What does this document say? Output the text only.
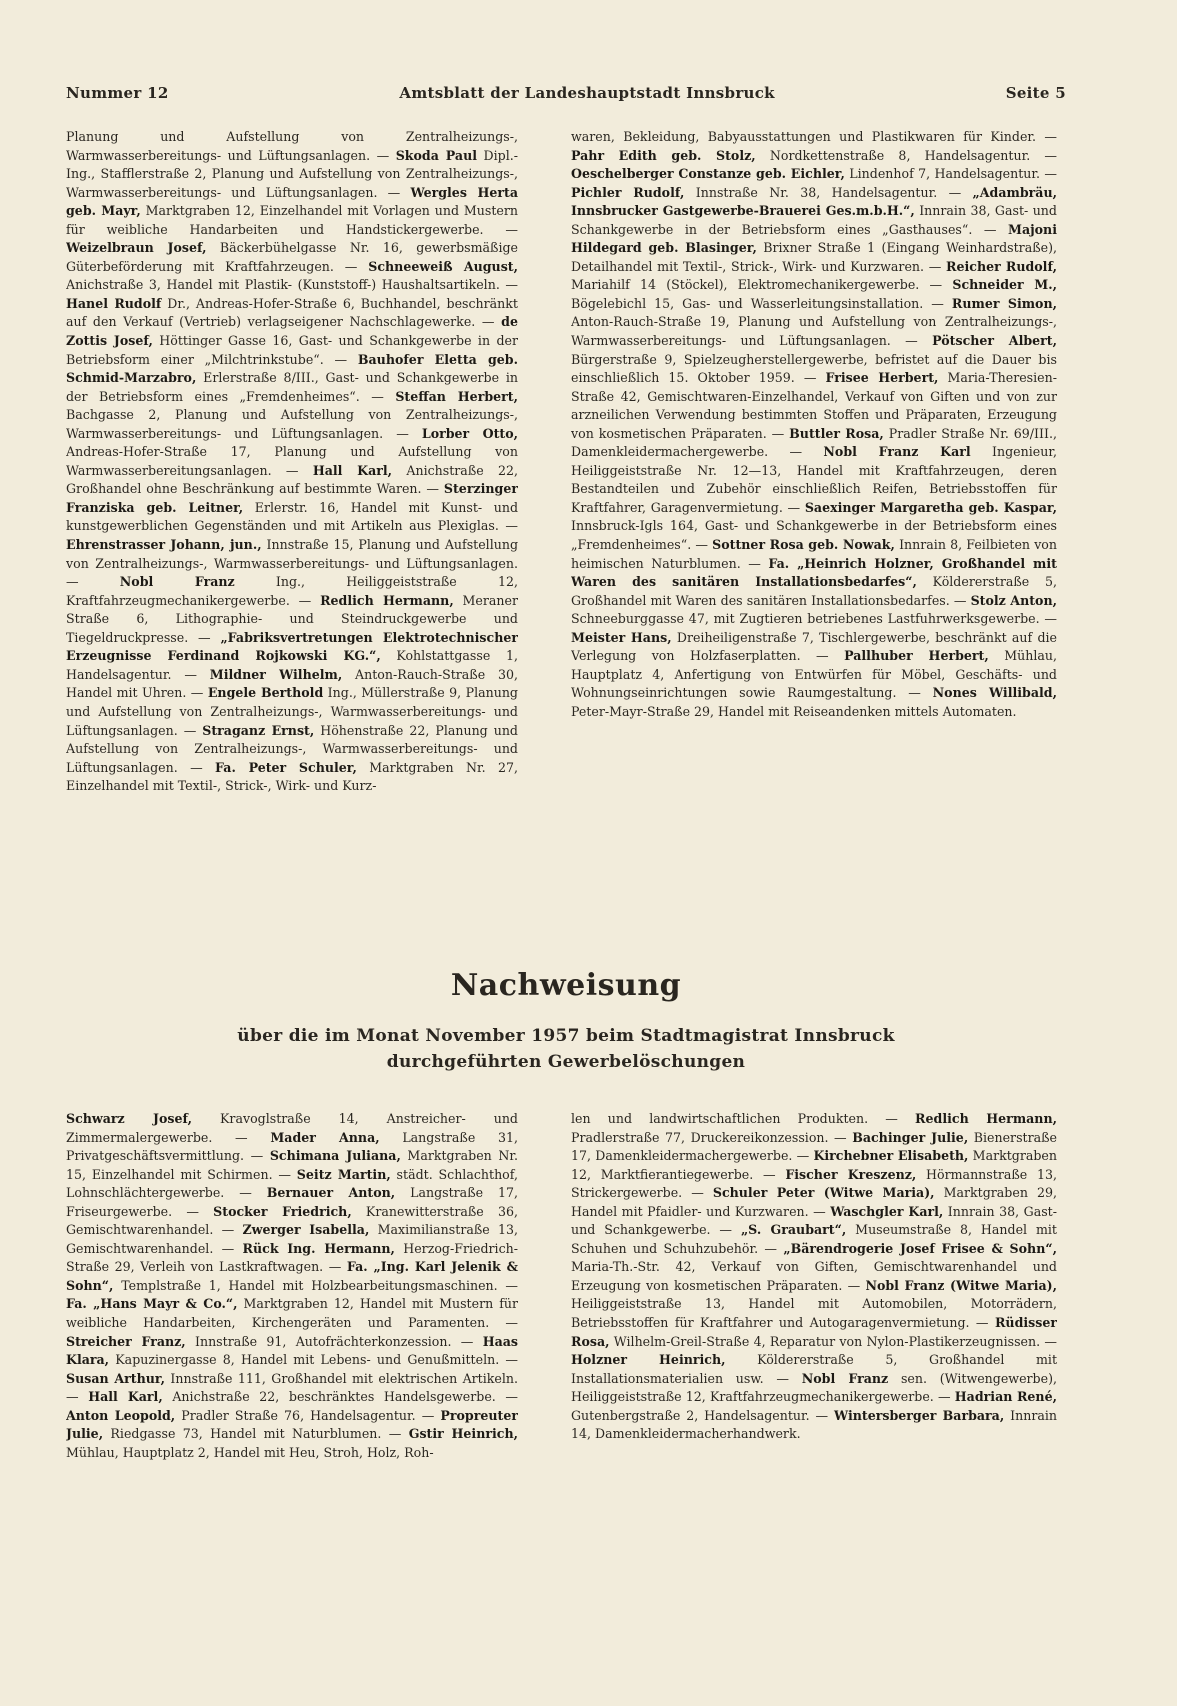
Nummer 12	Amtsblatt der Landeshauptstadt Innsbruck	Seite 5

Planung und Aufstellung von Zentralheizungs-, Warmwasserbereitungs- und Lüftungsanlagen. — Skoda Paul Dipl.-Ing., Stafflerstraße 2, Planung und Aufstellung von Zentralheizungs-, Warmwasserbereitungs- und Lüftungsanlagen. — Wergles Herta geb. Mayr, Marktgraben 12, Einzelhandel mit Vorlagen und Mustern für weibliche Handarbeiten und Handstickergewerbe. — Weizelbraun Josef, Bäckerbühelgasse Nr. 16, gewerbsmäßige Güterbeförderung mit Kraftfahrzeugen. — Schneeweiß August, Anichstraße 3, Handel mit Plastik- (Kunststoff-) Haushaltsartikeln. — Hanel Rudolf Dr., Andreas-Hofer-Straße 6, Buchhandel, beschränkt auf den Verkauf (Vertrieb) verlagseigener Nachschlagewerke. — de Zottis Josef, Höttinger Gasse 16, Gast- und Schankgewerbe in der Betriebsform einer „Milchtrinkstube“. — Bauhofer Eletta geb. Schmid-Marzabro, Erlerstraße 8/III., Gast- und Schankgewerbe in der Betriebsform eines „Fremdenheimes“. — Steffan Herbert, Bachgasse 2, Planung und Aufstellung von Zentralheizungs-, Warmwasserbereitungs- und Lüftungsanlagen. — Lorber Otto, Andreas-Hofer-Straße 17, Planung und Aufstellung von Warmwasserbereitungsanlagen. — Hall Karl, Anichstraße 22, Großhandel ohne Beschränkung auf bestimmte Waren. — Sterzinger Franziska geb. Leitner, Erlerstr. 16, Handel mit Kunst- und kunstgewerblichen Gegenständen und mit Artikeln aus Plexiglas. — Ehrenstrasser Johann, jun., Innstraße 15, Planung und Aufstellung von Zentralheizungs-, Warmwasserbereitungs- und Lüftungsanlagen. — Nobl Franz Ing., Heiliggeiststraße 12, Kraftfahrzeugmechanikergewerbe. — Redlich Hermann, Meraner Straße 6, Lithographie- und Steindruckgewerbe und Tiegeldruckpresse. — „Fabriksvertretungen Elektrotechnischer Erzeugnisse Ferdinand Rojkowski KG.“, Kohlstattgasse 1, Handelsagentur. — Mildner Wilhelm, Anton-Rauch-Straße 30, Handel mit Uhren. — Engele Berthold Ing., Müllerstraße 9, Planung und Aufstellung von Zentralheizungs-, Warmwasserbereitungs- und Lüftungsanlagen. — Straganz Ernst, Höhenstraße 22, Planung und Aufstellung von Zentralheizungs-, Warmwasserbereitungs- und Lüftungsanlagen. — Fa. Peter Schuler, Marktgraben Nr. 27, Einzelhandel mit Textil-, Strick-, Wirk- und Kurz-

waren, Bekleidung, Babyausstattungen und Plastikwaren für Kinder. — Pahr Edith geb. Stolz, Nordkettenstraße 8, Handelsagentur. — Oeschelberger Constanze geb. Eichler, Lindenhof 7, Handelsagentur. — Pichler Rudolf, Innstraße Nr. 38, Handelsagentur. — „Adambräu, Innsbrucker Gastgewerbe-Brauerei Ges.m.b.H.“, Innrain 38, Gast- und Schankgewerbe in der Betriebsform eines „Gasthauses“. — Majoni Hildegard geb. Blasinger, Brixner Straße 1 (Eingang Weinhardstraße), Detailhandel mit Textil-, Strick-, Wirk- und Kurzwaren. — Reicher Rudolf, Mariahilf 14 (Stöckel), Elektromechanikergewerbe. — Schneider M., Bögelebichl 15, Gas- und Wasserleitungsinstallation. — Rumer Simon, Anton-Rauch-Straße 19, Planung und Aufstellung von Zentralheizungs-, Warmwasserbereitungs- und Lüftungsanlagen. — Pötscher Albert, Bürgerstraße 9, Spielzeugherstellergewerbe, befristet auf die Dauer bis einschließlich 15. Oktober 1959. — Frisee Herbert, Maria-Theresien-Straße 42, Gemischtwaren-Einzelhandel, Verkauf von Giften und von zur arzneilichen Verwendung bestimmten Stoffen und Präparaten, Erzeugung von kosmetischen Präparaten. — Buttler Rosa, Pradler Straße Nr. 69/III., Damenkleidermachergewerbe. — Nobl Franz Karl Ingenieur, Heiliggeiststraße Nr. 12—13, Handel mit Kraftfahrzeugen, deren Bestandteilen und Zubehör einschließlich Reifen, Betriebsstoffen für Kraftfahrer, Garagenvermietung. — Saexinger Margaretha geb. Kaspar, Innsbruck-Igls 164, Gast- und Schankgewerbe in der Betriebsform eines „Fremdenheimes“. — Sottner Rosa geb. Nowak, Innrain 8, Feilbieten von heimischen Naturblumen. — Fa. „Heinrich Holzner, Großhandel mit Waren des sanitären Installationsbedarfes“, Köldererstraße 5, Großhandel mit Waren des sanitären Installationsbedarfes. — Stolz Anton, Schneeburggasse 47, mit Zugtieren betriebenes Lastfuhrwerksgewerbe. — Meister Hans, Dreiheiligenstraße 7, Tischlergewerbe, beschränkt auf die Verlegung von Holzfaserplatten. — Pallhuber Herbert, Mühlau, Hauptplatz 4, Anfertigung von Entwürfen für Möbel, Geschäfts- und Wohnungseinrichtungen sowie Raumgestaltung. — Nones Willibald, Peter-Mayr-Straße 29, Handel mit Reiseandenken mittels Automaten.

Nachweisung
über die im Monat November 1957 beim Stadtmagistrat Innsbruck
durchgeführten Gewerbelöschungen

Schwarz Josef, Kravoglstraße 14, Anstreicher- und Zimmermalergewerbe. — Mader Anna, Langstraße 31, Privatgeschäftsvermittlung. — Schimana Juliana, Marktgraben Nr. 15, Einzelhandel mit Schirmen. — Seitz Martin, städt. Schlachthof, Lohnschlächtergewerbe. — Bernauer Anton, Langstraße 17, Friseurgewerbe. — Stocker Friedrich, Kranewitterstraße 36, Gemischtwarenhandel. — Zwerger Isabella, Maximilianstraße 13, Gemischtwarenhandel. — Rück Ing. Hermann, Herzog-Friedrich-Straße 29, Verleih von Lastkraftwagen. — Fa. „Ing. Karl Jelenik & Sohn“, Templstraße 1, Handel mit Holzbearbeitungsmaschinen. — Fa. „Hans Mayr & Co.“, Marktgraben 12, Handel mit Mustern für weibliche Handarbeiten, Kirchengeräten und Paramenten. — Streicher Franz, Innstraße 91, Autofrächterkonzession. — Haas Klara, Kapuzinergasse 8, Handel mit Lebens- und Genußmitteln. — Susan Arthur, Innstraße 111, Großhandel mit elektrischen Artikeln. — Hall Karl, Anichstraße 22, beschränktes Handelsgewerbe. — Anton Leopold, Pradler Straße 76, Handelsagentur. — Propreuter Julie, Riedgasse 73, Handel mit Naturblumen. — Gstir Heinrich, Mühlau, Hauptplatz 2, Handel mit Heu, Stroh, Holz, Roh-

len und landwirtschaftlichen Produkten. — Redlich Hermann, Pradlerstraße 77, Druckereikonzession. — Bachinger Julie, Bienerstraße 17, Damenkleidermachergewerbe. — Kirchebner Elisabeth, Marktgraben 12, Marktfierantiegewerbe. — Fischer Kreszenz, Hörmannstraße 13, Strickergewerbe. — Schuler Peter (Witwe Maria), Marktgraben 29, Handel mit Pfaidler- und Kurzwaren. — Waschgler Karl, Innrain 38, Gast- und Schankgewerbe. — „S. Graubart“, Museumstraße 8, Handel mit Schuhen und Schuhzubehör. — „Bärendrogerie Josef Frisee & Sohn“, Maria-Th.-Str. 42, Verkauf von Giften, Gemischtwarenhandel und Erzeugung von kosmetischen Präparaten. — Nobl Franz (Witwe Maria), Heiliggeiststraße 13, Handel mit Automobilen, Motorrädern, Betriebsstoffen für Kraftfahrer und Autogaragenvermietung. — Rüdisser Rosa, Wilhelm-Greil-Straße 4, Reparatur von Nylon-Plastikerzeugnissen. — Holzner Heinrich, Köldererstraße 5, Großhandel mit Installationsmaterialien usw. — Nobl Franz sen. (Witwengewerbe), Heiliggeiststraße 12, Kraftfahrzeugmechanikergewerbe. — Hadrian René, Gutenbergstraße 2, Handelsagentur. — Wintersberger Barbara, Innrain 14, Damenkleidermacherhandwerk.
